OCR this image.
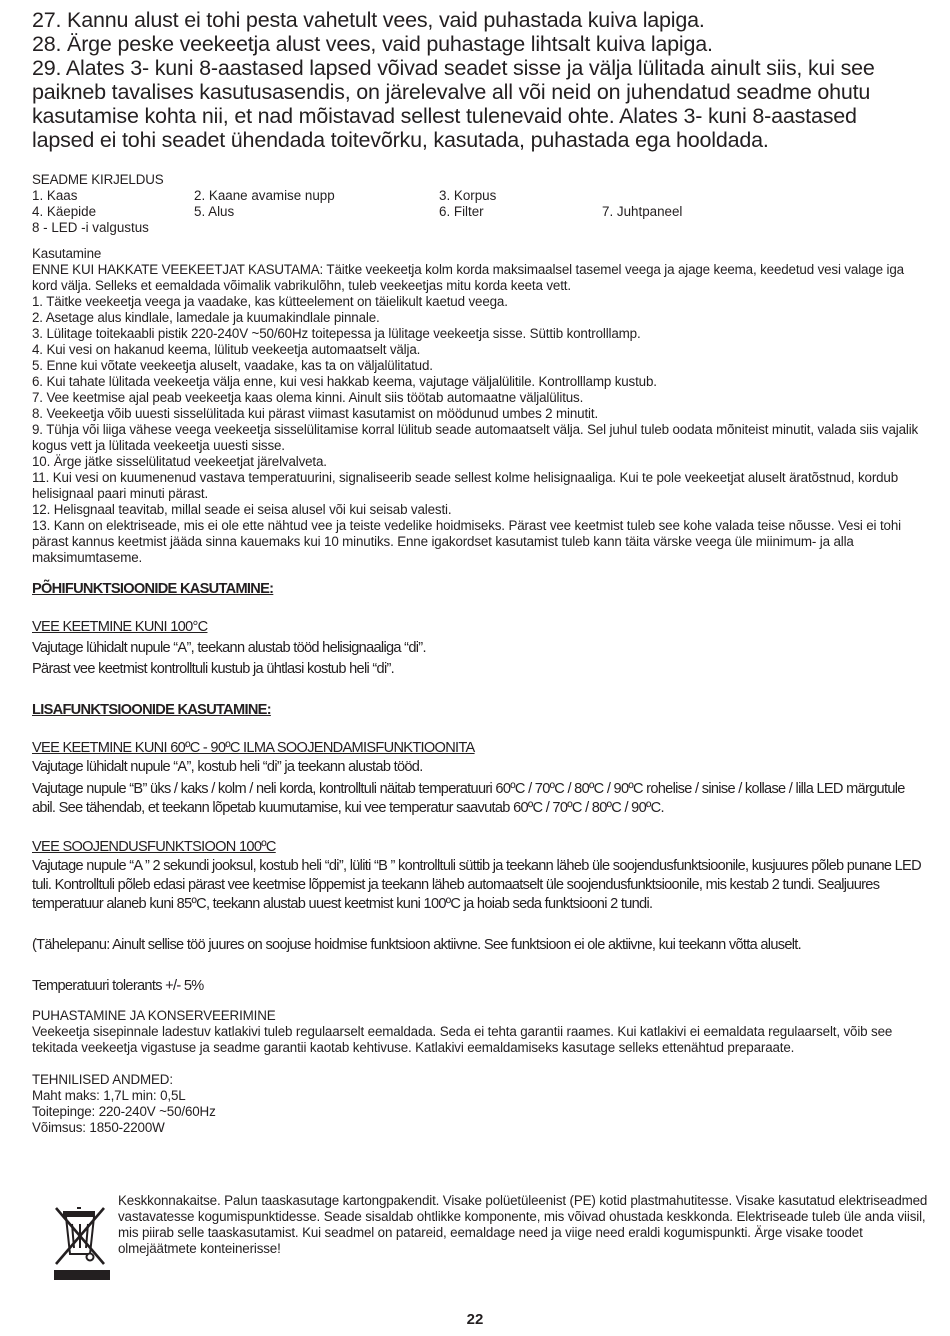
27. Kannu alust ei tohi pesta vahetult vees, vaid puhastada kuiva lapiga.

28. Ärge peske veekeetja alust vees, vaid puhastage lihtsalt kuiva lapiga.

29. Alates 3- kuni 8-aastased lapsed võivad seadet sisse ja välja lülitada ainult siis, kui see paikneb tavalises kasutusasendis, on järelevalve all või neid on juhendatud seadme ohutu kasutamise kohta nii, et nad mõistavad sellest tulenevaid ohte. Alates 3- kuni 8-aastased lapsed ei tohi seadet ühendada toitevõrku, kasutada, puhastada ega hooldada.

SEADME KIRJELDUS
1. Kaas	2. Kaane avamise nupp	3. Korpus
4. Käepide	5. Alus	6. Filter	7. Juhtpaneel
8 - LED -i valgustus

Kasutamine

ENNE KUI HAKKATE VEEKEETJAT KASUTAMA: Täitke veekeetja kolm korda maksimaalsel tasemel veega ja ajage keema, keedetud vesi valage iga kord välja. Selleks et eemaldada võimalik vabrikulõhn, tuleb veekeetjas mitu korda keeta vett.

1. Täitke veekeetja veega ja vaadake, kas kütteelement on täielikult kaetud veega.

2. Asetage alus kindlale, lamedale ja kuumakindlale pinnale.

3. Lülitage toitekaabli pistik 220-240V ~50/60Hz toitepessa ja lülitage veekeetja sisse. Süttib kontrolllamp.

4. Kui vesi on hakanud keema, lülitub veekeetja automaatselt välja.

5. Enne kui võtate veekeetja aluselt, vaadake, kas ta on väljalülitatud.

6. Kui tahate lülitada veekeetja välja enne, kui vesi hakkab keema, vajutage väljalülitile. Kontrolllamp kustub.

7. Vee keetmise ajal peab veekeetja kaas olema kinni. Ainult siis töötab automaatne väljalülitus.

8. Veekeetja võib uuesti sisselülitada kui pärast viimast kasutamist on möödunud umbes 2 minutit.

9. Tühja või liiga vähese veega veekeetja sisselülitamise korral lülitub seade automaatselt välja. Sel juhul tuleb oodata mõniteist minutit, valada siis vajalik kogus vett ja lülitada veekeetja uuesti sisse.

10. Ärge jätke sisselülitatud veekeetjat järelvalveta.

11. Kui vesi on kuumenenud vastava temperatuurini, signaliseerib seade sellest kolme helisignaaliga. Kui te pole veekeetjat aluselt äratõstnud, kordub helisignaal paari minuti pärast.

12. Helisgnaal teavitab, millal seade ei seisa alusel või kui seisab valesti.

13. Kann on elektriseade, mis ei ole ette nähtud vee ja teiste vedelike hoidmiseks. Pärast vee keetmist tuleb see kohe valada teise nõusse. Vesi ei tohi pärast kannus keetmist jääda sinna kauemaks kui 10 minutiks. Enne igakordset kasutamist tuleb kann täita värske veega üle miinimum- ja alla maksimumtaseme.

PÕHIFUNKTSIOONIDE KASUTAMINE:

VEE KEETMINE KUNI 100°C

Vajutage lühidalt nupule “A”, teekann alustab tööd helisignaaliga “di”.

Pärast vee keetmist kontrolltuli kustub ja ühtlasi kostub heli “di”.

LISAFUNKTSIOONIDE KASUTAMINE:

VEE KEETMINE KUNI 60ºC - 90ºC ILMA SOOJENDAMISFUNKTIOONITA

Vajutage lühidalt nupule “A”, kostub heli “di” ja teekann alustab tööd.

Vajutage nupule “B” üks / kaks / kolm / neli korda, kontrolltuli näitab temperatuuri 60ºC / 70ºC / 80ºC / 90ºC rohelise / sinise / kollase / lilla LED märgutule abil. See tähendab, et teekann lõpetab kuumutamise, kui vee temperatur saavutab 60ºC / 70ºC / 80ºC / 90ºC.

VEE SOOJENDUSFUNKTSIOON 100ºC

Vajutage nupule “A ” 2 sekundi jooksul, kostub heli “di”, lüliti “B ” kontrolltuli süttib ja teekann läheb üle soojendusfunktsioonile, kusjuures põleb punane LED tuli. Kontrolltuli põleb edasi pärast vee keetmise lõppemist ja teekann läheb automaatselt üle soojendusfunktsioonile, mis kestab 2 tundi. Sealjuures temperatuur alaneb kuni 85ºC, teekann alustab uuest keetmist kuni 100ºC ja hoiab seda funktsiooni 2 tundi.

(Tähelepanu: Ainult sellise töö juures on soojuse hoidmise funktsioon aktiivne. See funktsioon ei ole aktiivne, kui teekann võtta aluselt.

Temperatuuri tolerants +/- 5%

PUHASTAMINE JA KONSERVEERIMINE

Veekeetja sisepinnale ladestuv katlakivi tuleb regulaarselt eemaldada. Seda ei tehta garantii raames. Kui katlakivi ei eemaldata regulaarselt, võib see tekitada veekeetja vigastuse ja seadme garantii kaotab kehtivuse. Katlakivi eemaldamiseks kasutage selleks ettenähtud preparaate.

TEHNILISED ANDMED:

Maht maks: 1,7L min: 0,5L

Toitepinge: 220-240V ~50/60Hz

Võimsus: 1850-2200W

Keskkonnakaitse. Palun taaskasutage kartongpakendit. Visake polüetüleenist (PE) kotid plastmahutitesse. Visake kasutatud elektriseadmed vastavatesse kogumispunktidesse. Seade sisaldab ohtlikke komponente, mis võivad ohustada keskkonda. Elektriseade tuleb üle anda viisil, mis piirab selle taaskasutamist. Kui seadmel on patareid, eemaldage need ja viige need eraldi kogumispunkti. Ärge visake toodet olmejäätmete konteinerisse!

22
